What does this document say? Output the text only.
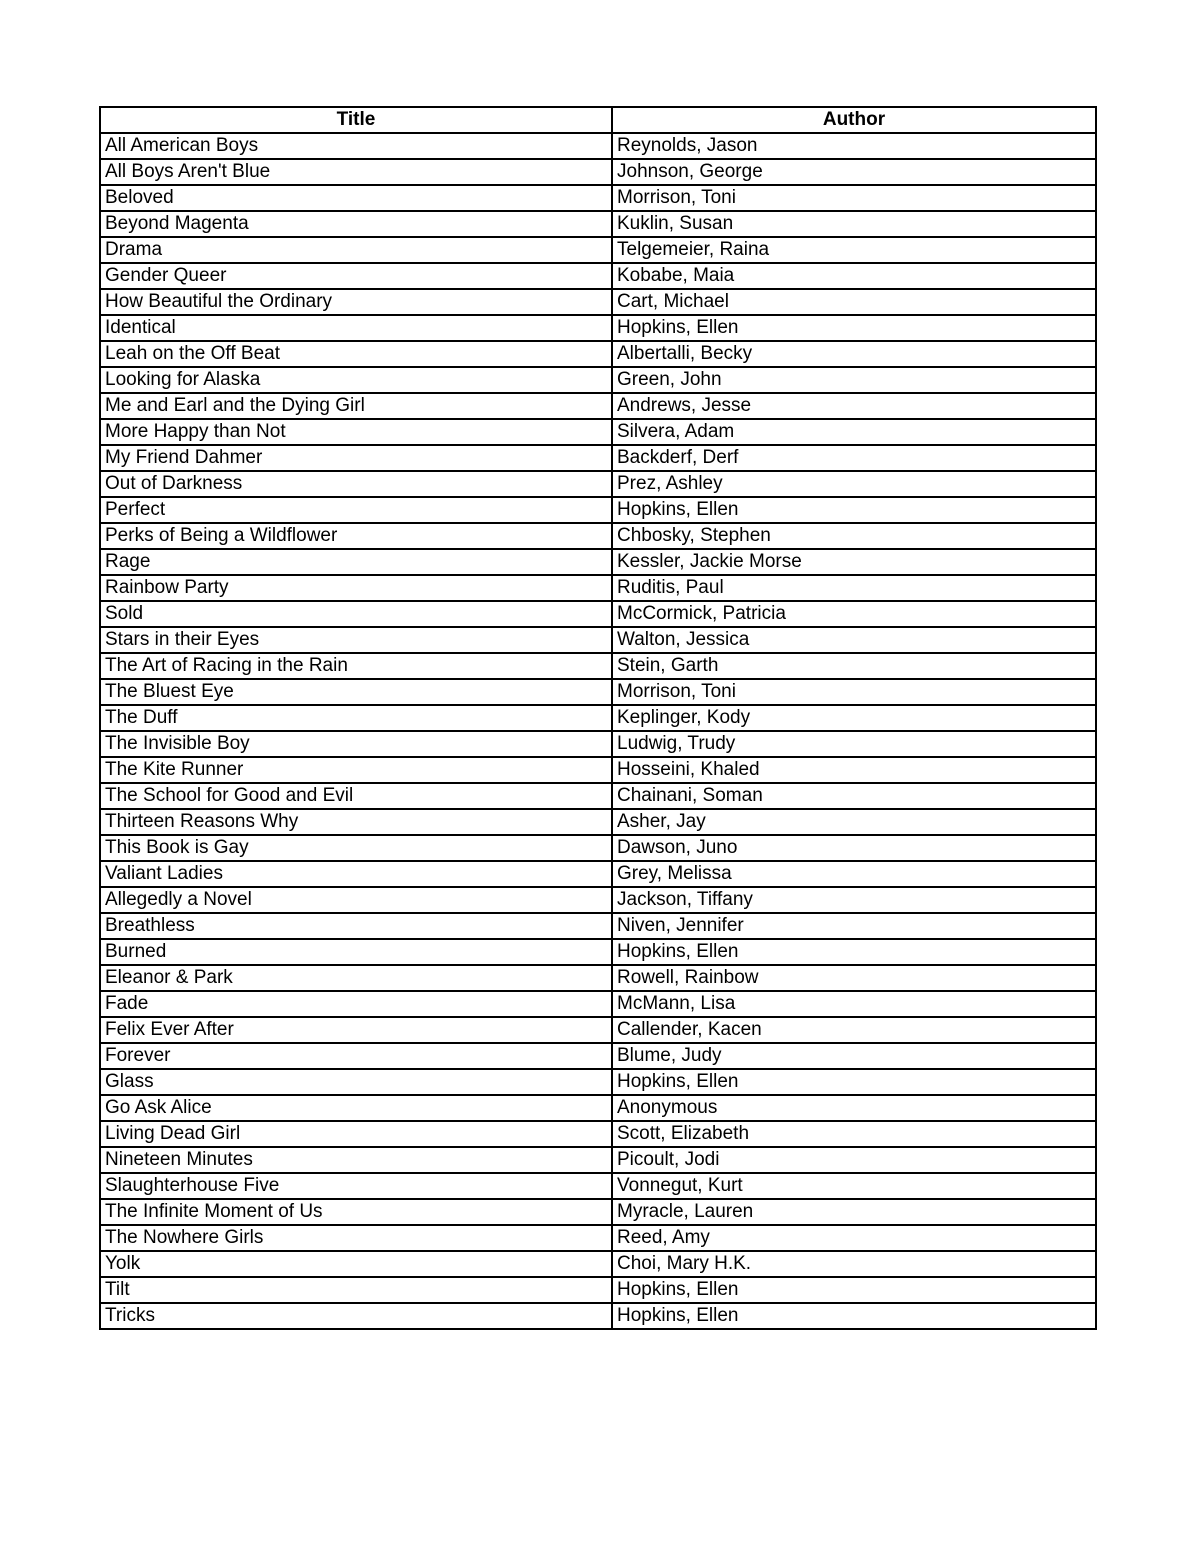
Title	Author
All American Boys	Reynolds, Jason
All Boys Aren't Blue	Johnson, George
Beloved	Morrison, Toni
Beyond Magenta	Kuklin, Susan
Drama	Telgemeier, Raina
Gender Queer	Kobabe, Maia
How Beautiful the Ordinary	Cart, Michael
Identical	Hopkins, Ellen
Leah on the Off Beat	Albertalli, Becky
Looking for Alaska	Green, John
Me and Earl and the Dying Girl	Andrews, Jesse
More Happy than Not	Silvera, Adam
My Friend Dahmer	Backderf, Derf
Out of Darkness	Prez, Ashley
Perfect	Hopkins, Ellen
Perks of Being a Wildflower	Chbosky, Stephen
Rage	Kessler, Jackie Morse
Rainbow Party	Ruditis, Paul
Sold	McCormick, Patricia
Stars in their Eyes	Walton, Jessica
The Art of Racing in the Rain	Stein, Garth
The Bluest Eye	Morrison, Toni
The Duff	Keplinger, Kody
The Invisible Boy	Ludwig, Trudy
The Kite Runner	Hosseini, Khaled
The School for Good and Evil	Chainani, Soman
Thirteen Reasons Why	Asher, Jay
This Book is Gay	Dawson, Juno
Valiant Ladies	Grey, Melissa
Allegedly a Novel	Jackson, Tiffany
Breathless	Niven, Jennifer
Burned	Hopkins, Ellen
Eleanor & Park	Rowell, Rainbow
Fade	McMann, Lisa
Felix Ever After	Callender, Kacen
Forever	Blume, Judy
Glass	Hopkins, Ellen
Go Ask Alice	Anonymous
Living Dead Girl	Scott, Elizabeth
Nineteen Minutes	Picoult, Jodi
Slaughterhouse Five	Vonnegut, Kurt
The Infinite Moment of Us	Myracle, Lauren
The Nowhere Girls	Reed, Amy
Yolk	Choi, Mary H.K.
Tilt	Hopkins, Ellen
Tricks	Hopkins, Ellen
